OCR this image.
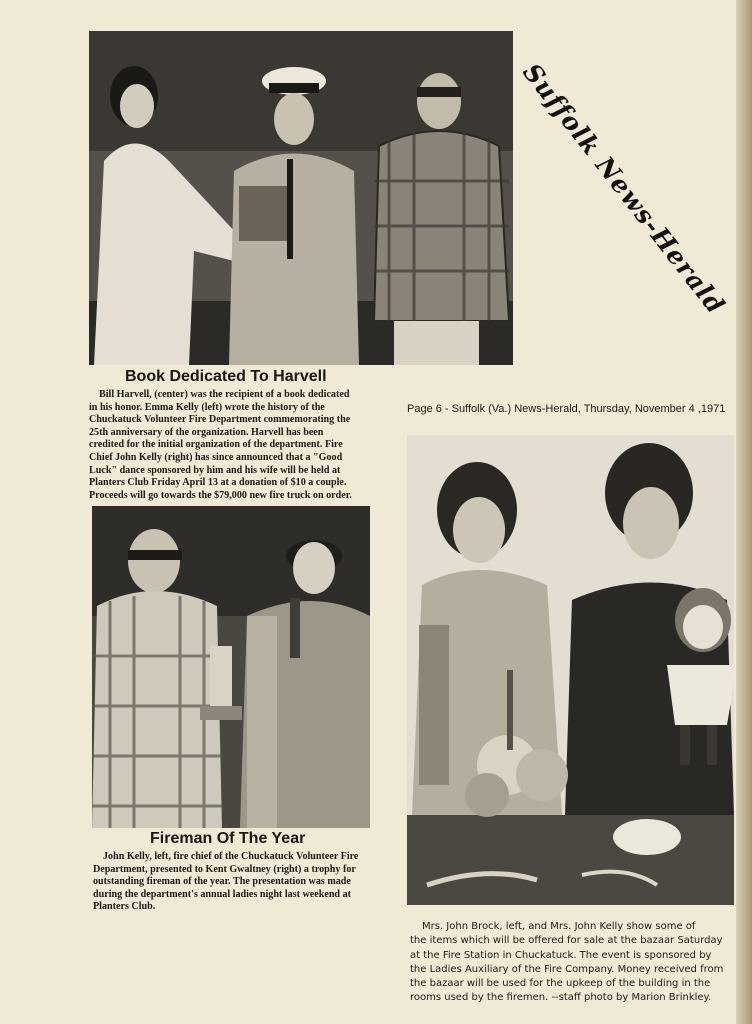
Book Dedicated To Harvell
Bill Harvell, (center) was the recipient of a book dedicated
in his honor. Emma Kelly (left) wrote the history of the
Chuckatuck Volunteer Fire Department commemorating the
25th anniversary of the organization. Harvell has been
credited for the initial organization of the department. Fire
Chief John Kelly (right) has since announced that a "Good
Luck" dance sponsored by him and his wife will be held at
Planters Club Friday April 13 at a donation of $10 a couple.
Proceeds will go towards the $79,000 new fire truck on order.
Fireman Of The Year
John Kelly, left, fire chief of the Chuckatuck Volunteer Fire
Department, presented to Kent Gwaltney (right) a trophy for
outstanding fireman of the year. The presentation was made
during the department's annual ladies night last weekend at
Planters Club.
Suffolk News-Herald
Page 6 - Suffolk (Va.) News-Herald, Thursday, November 4 ,1971
Mrs. John Brock, left, and Mrs. John Kelly show some of
the items which will be offered for sale at the bazaar Saturday
at the Fire Station in Chuckatuck. The event is sponsored by
the Ladies Auxiliary of the Fire Company. Money received from
the bazaar will be used for the upkeep of the building in the
rooms used by the firemen. --staff photo by Marion Brinkley.
